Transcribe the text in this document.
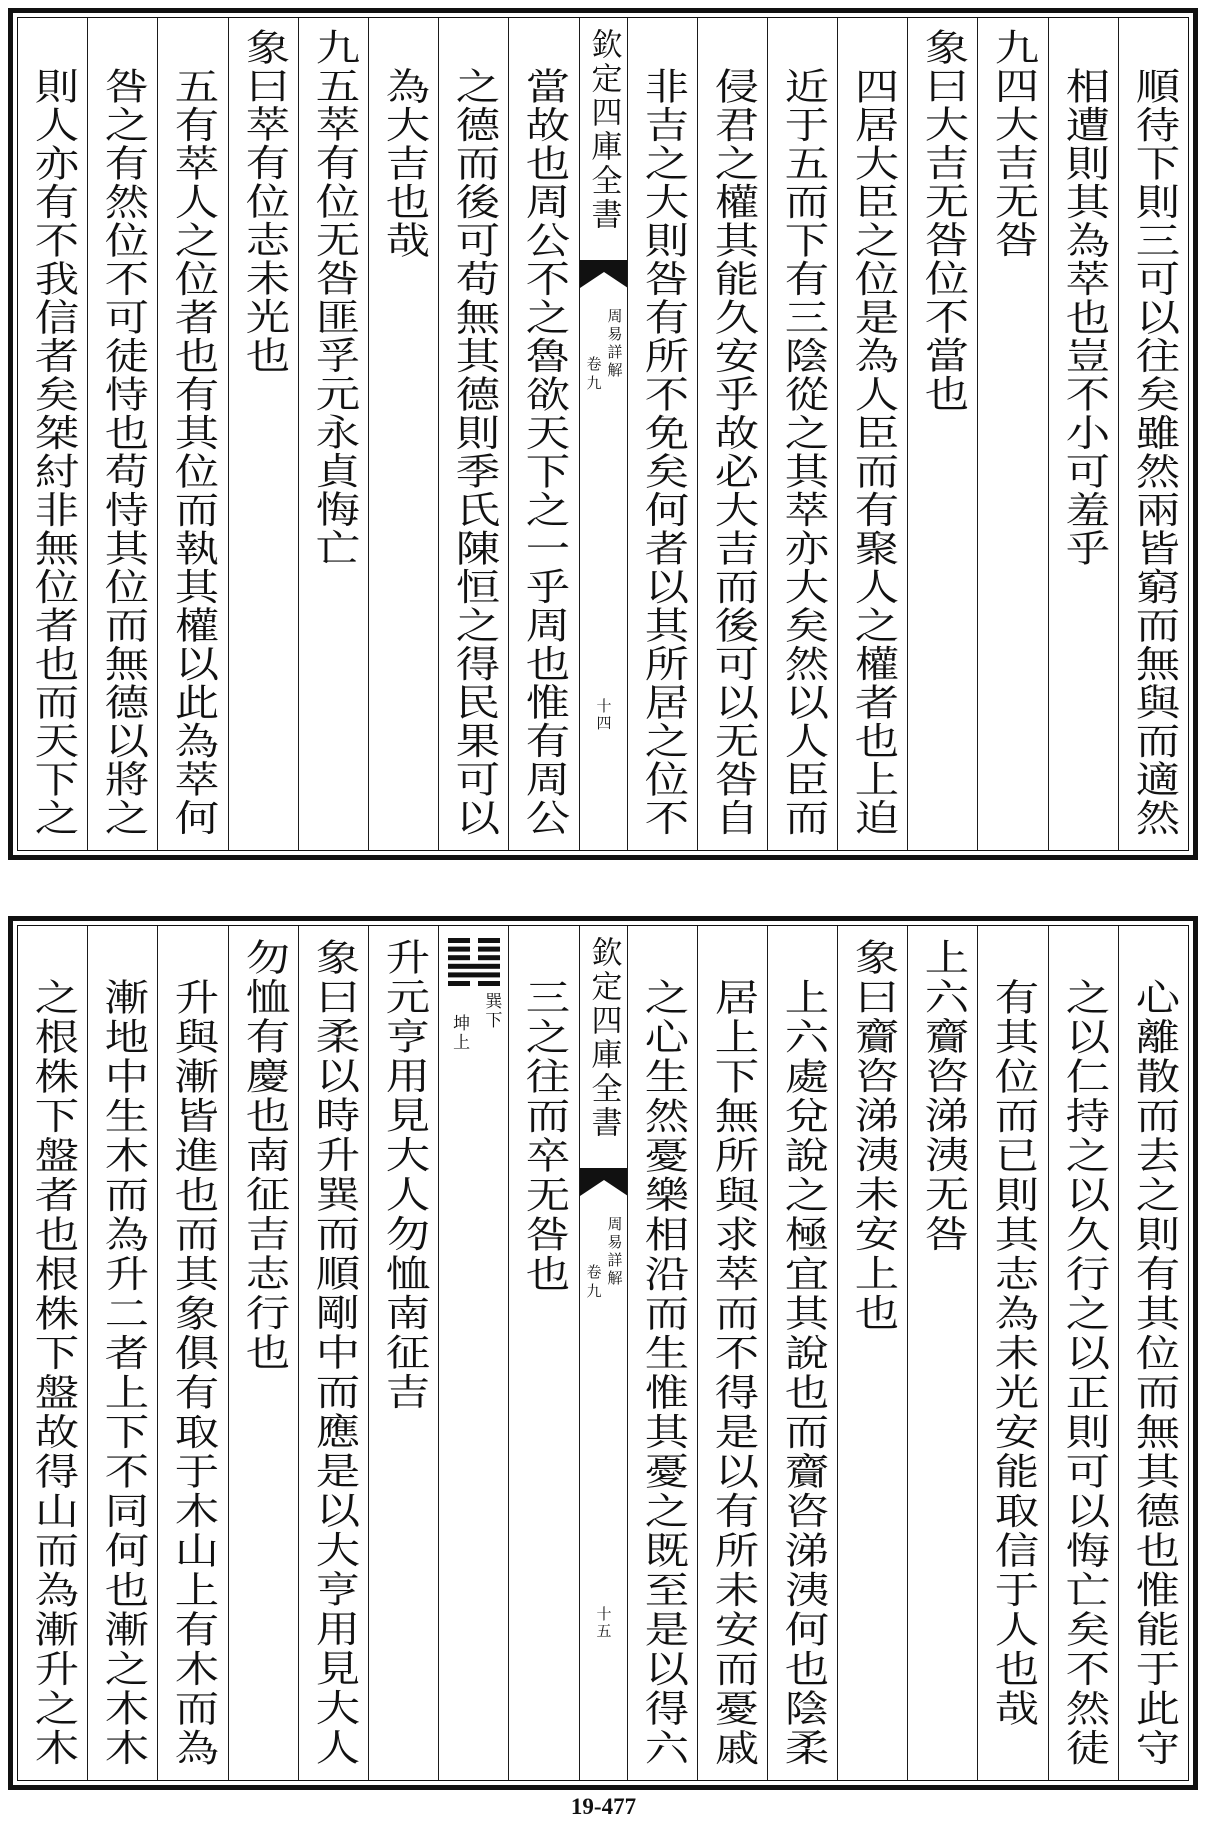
順待下則三可以往矣雖然兩皆窮而無與而適然
相遭則其為萃也豈不小可羞乎
九四大吉无咎
象曰大吉无咎位不當也
四居大臣之位是為人臣而有聚人之權者也上迫
近于五而下有三陰從之其萃亦大矣然以人臣而
侵君之權其能久安乎故必大吉而後可以无咎自
非吉之大則咎有所不免矣何者以其所居之位不
欽定四庫全書
周易詳解
卷九
十四
當故也周公不之魯欲天下之一乎周也惟有周公
之德而後可苟無其德則季氏陳恒之得民果可以
為大吉也哉
九五萃有位无咎匪孚元永貞悔亡
象曰萃有位志未光也
五有萃人之位者也有其位而執其權以此為萃何
咎之有然位不可徒恃也苟恃其位而無德以將之
則人亦有不我信者矣桀紂非無位者也而天下之
心離散而去之則有其位而無其德也惟能于此守
之以仁持之以久行之以正則可以悔亡矣不然徒
有其位而已則其志為未光安能取信于人也哉
上六齎咨涕洟无咎
象曰齎咨涕洟未安上也
上六處兌說之極宜其說也而齎咨涕洟何也陰柔
居上下無所與求萃而不得是以有所未安而憂戚
之心生然憂樂相沿而生惟其憂之既至是以得六
欽定四庫全書
周易詳解
卷九
十五
三之往而卒无咎也
巽下
坤上
升元亨用見大人勿恤南征吉
象曰柔以時升巽而順剛中而應是以大亨用見大人
勿恤有慶也南征吉志行也
升與漸皆進也而其象俱有取于木山上有木而為
漸地中生木而為升二者上下不同何也漸之木木
之根株下盤者也根株下盤故得山而為漸升之木
19-477
